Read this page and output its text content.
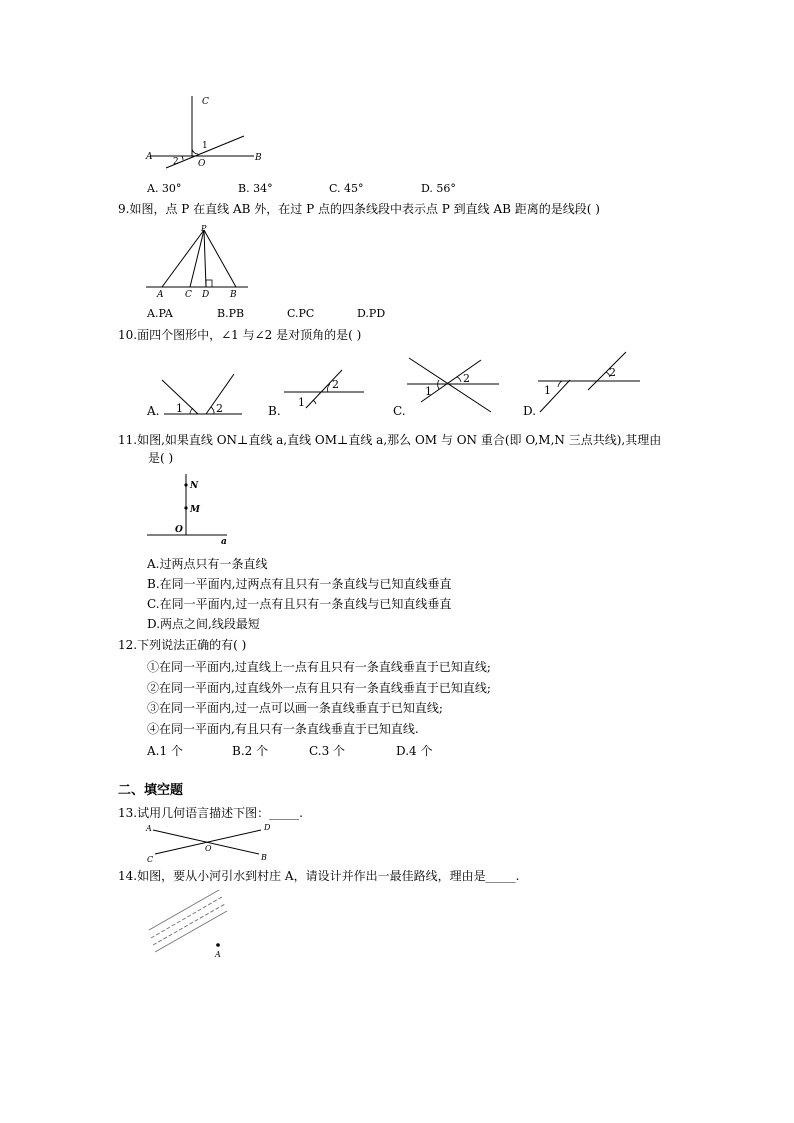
C
A
O
B
1
2
A. 30°	B. 34°	C. 45°	D. 56°
9.如图，点 P 在直线 AB 外，在过 P 点的四条线段中表示点 P 到直线 AB 距离的是线段( )
P
A C D B
A.PA	B.PB	C.PC	D.PD
10.面四个图形中，∠1 与∠2 是对顶角的是( )
A. 1	2	B.
2
1
C.
1
2
D.
1
2
11.如图,如果直线 ON⊥直线 a,直线 OM⊥直线 a,那么 OM 与 ON 重合(即 O,M,N 三点共线),其理由
是( )
N
M
O
a
A.过两点只有一条直线
B.在同一平面内,过两点有且只有一条直线与已知直线垂直
C.在同一平面内,过一点有且只有一条直线与已知直线垂直
D.两点之间,线段最短
12.下列说法正确的有( )
①在同一平面内,过直线上一点有且只有一条直线垂直于已知直线;
②在同一平面内,过直线外一点有且只有一条直线垂直于已知直线;
③在同一平面内,过一点可以画一条直线垂直于已知直线;
④在同一平面内,有且只有一条直线垂直于已知直线.
A.1 个	B.2 个	C.3 个	D.4 个
二、填空题
13.试用几何语言描述下图：_____.
A	D
O
C	B
14.如图，要从小河引水到村庄 A，请设计并作出一最佳路线，理由是_____.
A
